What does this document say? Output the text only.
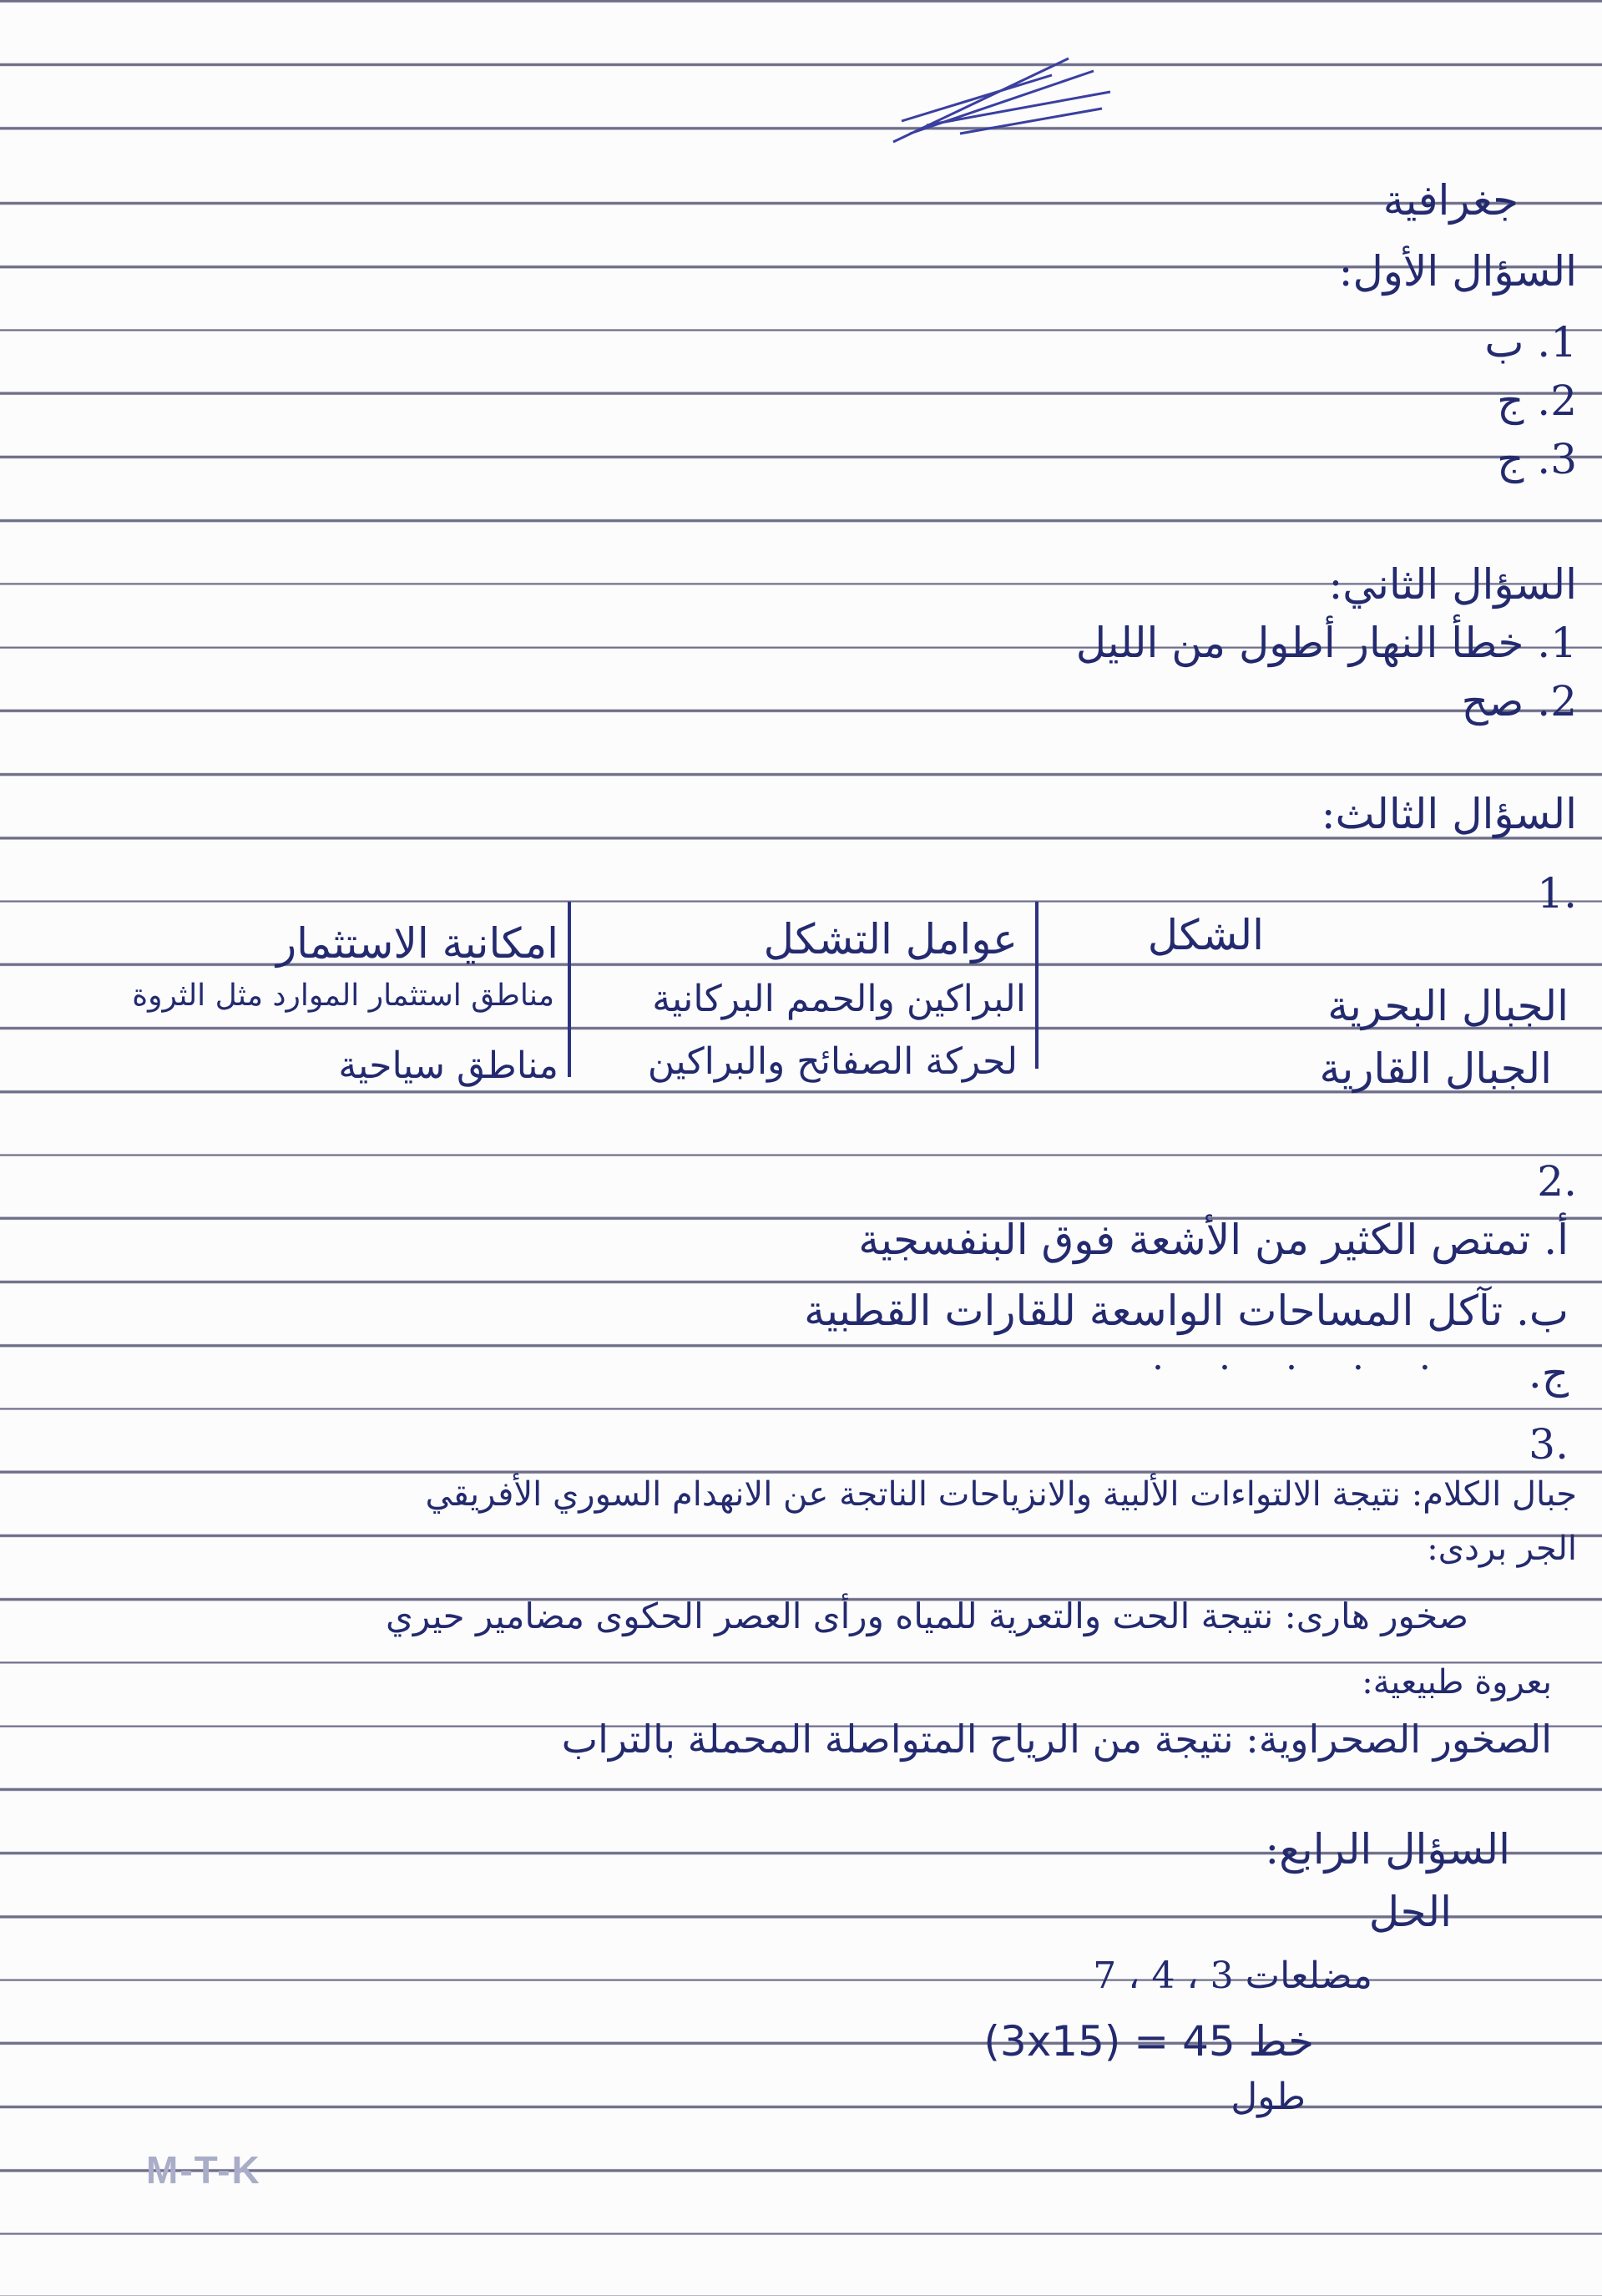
جغرافية
السؤال الأول:
1. ب
2. ج
3. ج
السؤال الثاني:
1. خطأ النهار أطول من الليل
2. صح
السؤال الثالث:
1.
الشكل
عوامل التشكل
امكانية الاستثمار
الجبال البحرية
البراكين والحمم البركانية
مناطق استثمار الموارد مثل الثروة
الجبال القارية
لحركة الصفائح والبراكين
مناطق سياحية
2.
أ. تمتص الكثير من الأشعة فوق البنفسجية
ب. تآكل المساحات الواسعة للقارات القطبية
ج.
. . . . .
3.
جبال الكلام: نتيجة الالتواءات الألبية والانزياحات الناتجة عن الانهدام السوري الأفريقي
الجر بردى:
صخور هارى: نتيجة الحت والتعرية للمياه ورأى العصر الحكوى مضامير حيري
بعروة طبيعية:
الصخور الصحراوية: نتيجة من الرياح المتواصلة المحملة بالتراب
السؤال الرابع:
الحل
مضلعات 3 ، 4 ، 7
(3x15) = 45 خط
طول
M-T-K
